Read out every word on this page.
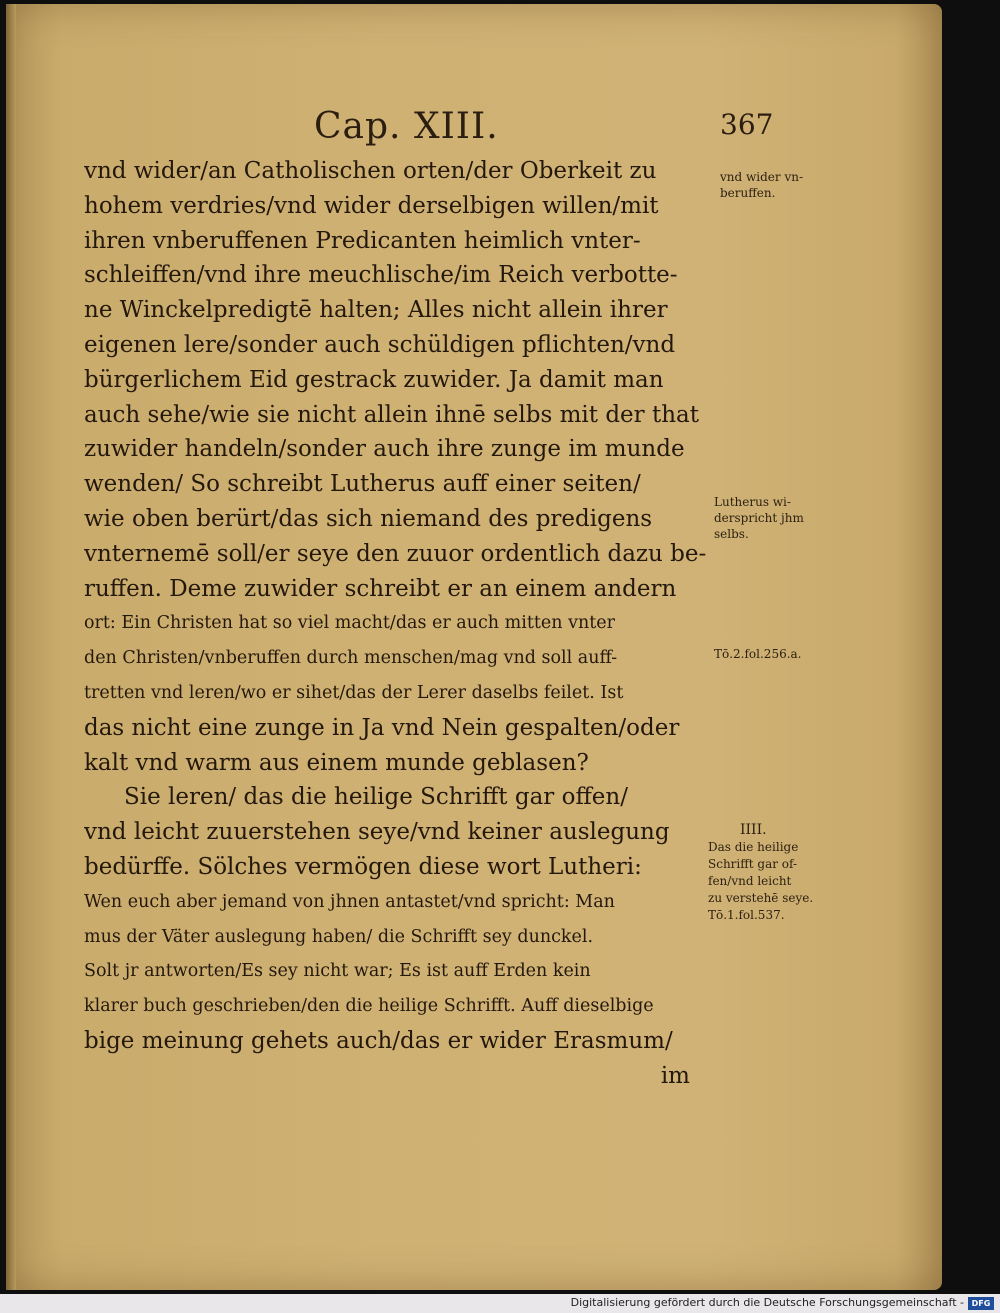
Cap. XIII.	367
vnd wider/an Catholischen orten/der Oberkeit zu
hohem verdries/vnd wider derselbigen willen/mit
ihren vnberuffenen Predicanten heimlich vnter-
schleiffen/vnd ihre meuchlische/im Reich verbotte-
ne Winckelpredigtē halten; Alles nicht allein ihrer
eigenen lere/sonder auch schüldigen pflichten/vnd
bürgerlichem Eid gestrack zuwider. Ja damit man
auch sehe/wie sie nicht allein ihnē selbs mit der that
zuwider handeln/sonder auch ihre zunge im munde
wenden/ So schreibt Lutherus auff einer seiten/
wie oben berürt/das sich niemand des predigens
vnternemē soll/er seye den zuuor ordentlich dazu be-
ruffen. Deme zuwider schreibt er an einem andern
ort: Ein Christen hat so viel macht/das er auch mitten vnter
den Christen/vnberuffen durch menschen/mag vnd soll auff-
tretten vnd leren/wo er sihet/das der Lerer daselbs feilet. Ist
das nicht eine zunge in Ja vnd Nein gespalten/oder
kalt vnd warm aus einem munde geblasen?
Sie leren/ das die heilige Schrifft gar offen/
vnd leicht zuuerstehen seye/vnd keiner auslegung
bedürffe. Sölches vermögen diese wort Lutheri:
Wen euch aber jemand von jhnen antastet/vnd spricht: Man
mus der Väter auslegung haben/ die Schrifft sey dunckel.
Solt jr antworten/Es sey nicht war; Es ist auff Erden kein
klarer buch geschrieben/den die heilige Schrifft. Auff dieselbige
bige meinung gehets auch/das er wider Erasmum/
im
vnd wider vn-
beruffen.
Lutherus wi-
derspricht jhm
selbs.
Tō.2.fol.256.a.
IIII.
Das die heilige
Schrifft gar of-
fen/vnd leicht
zu verstehē seye.
Tō.1.fol.537.
Digitalisierung gefördert durch die Deutsche Forschungsgemeinschaft - DFG
